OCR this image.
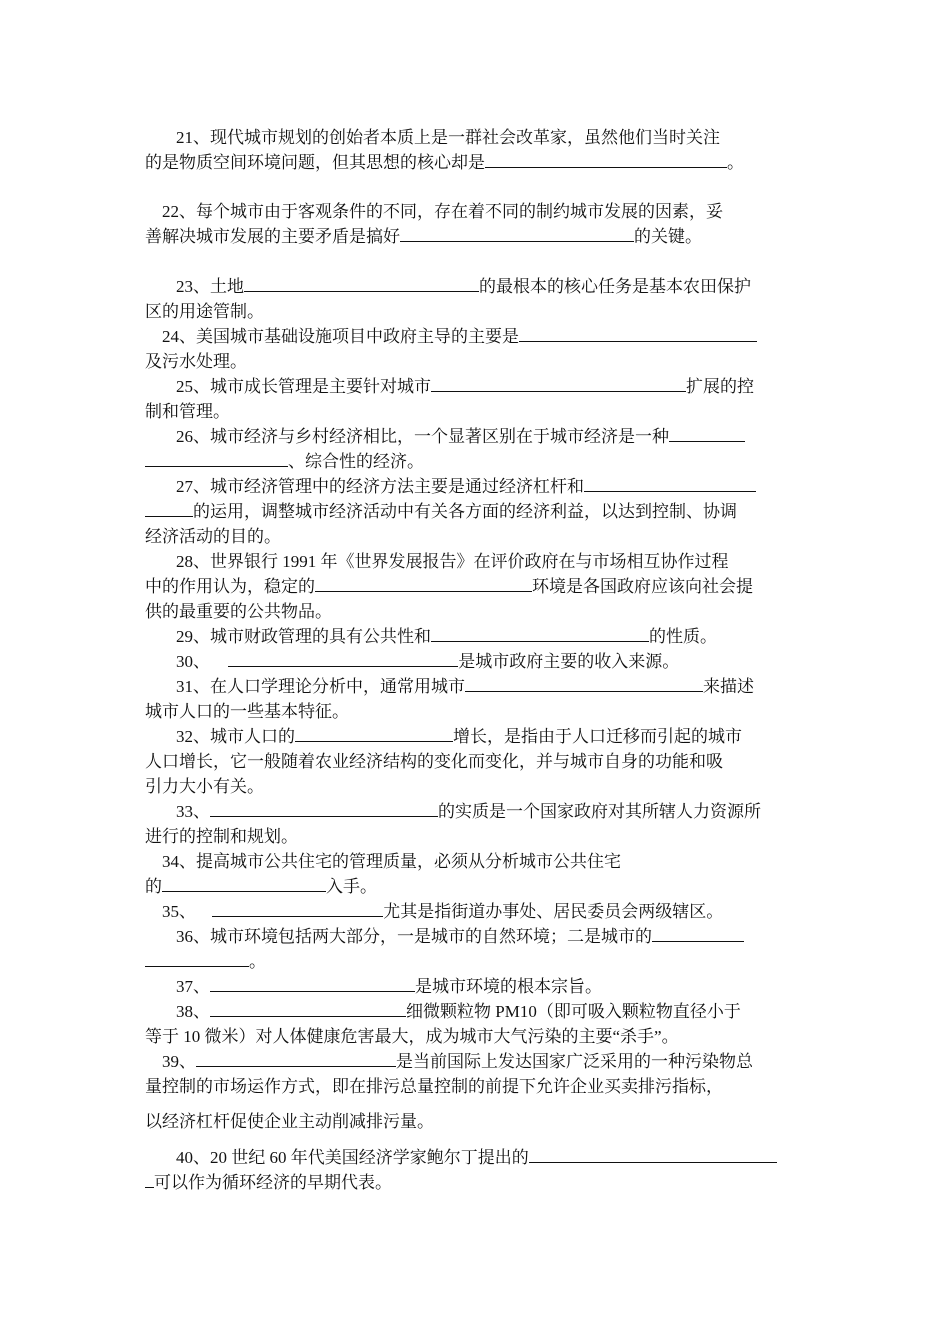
21、现代城市规划的创始者本质上是一群社会改革家，虽然他们当时关注
的是物质空间环境问题，但其思想的核心却是	。
22、每个城市由于客观条件的不同，存在着不同的制约城市发展的因素，妥
善解决城市发展的主要矛盾是搞好	的关键。
23、土地	的最根本的核心任务是基本农田保护
区的用途管制。
24、美国城市基础设施项目中政府主导的主要是
及污水处理。
25、城市成长管理是主要针对城市	扩展的控
制和管理。
26、城市经济与乡村经济相比，一个显著区别在于城市经济是一种
、综合性的经济。
27、城市经济管理中的经济方法主要是通过经济杠杆和
的运用，调整城市经济活动中有关各方面的经济利益，以达到控制、协调
经济活动的目的。
28、世界银行 1991 年《世界发展报告》在评价政府在与市场相互协作过程
中的作用认为，稳定的	环境是各国政府应该向社会提
供的最重要的公共物品。
29、城市财政管理的具有公共性和	的性质。
30、	是城市政府主要的收入来源。
31、在人口学理论分析中，通常用城市	来描述
城市人口的一些基本特征。
32、城市人口的	增长，是指由于人口迁移而引起的城市
人口增长，它一般随着农业经济结构的变化而变化，并与城市自身的功能和吸
引力大小有关。
33、	的实质是一个国家政府对其所辖人力资源所
进行的控制和规划。
34、提高城市公共住宅的管理质量，必须从分析城市公共住宅
的	入手。
35、	尤其是指街道办事处、居民委员会两级辖区。
36、城市环境包括两大部分，一是城市的自然环境；二是城市的
。
37、	是城市环境的根本宗旨。
38、	细微颗粒物 PM10（即可吸入颗粒物直径小于
等于 10 微米）对人体健康危害最大，成为城市大气污染的主要“杀手”。
39、	是当前国际上发达国家广泛采用的一种污染物总
量控制的市场运作方式，即在排污总量控制的前提下允许企业买卖排污指标，
以经济杠杆促使企业主动削减排污量。
40、20 世纪 60 年代美国经济学家鲍尔丁提出的
可以作为循环经济的早期代表。
